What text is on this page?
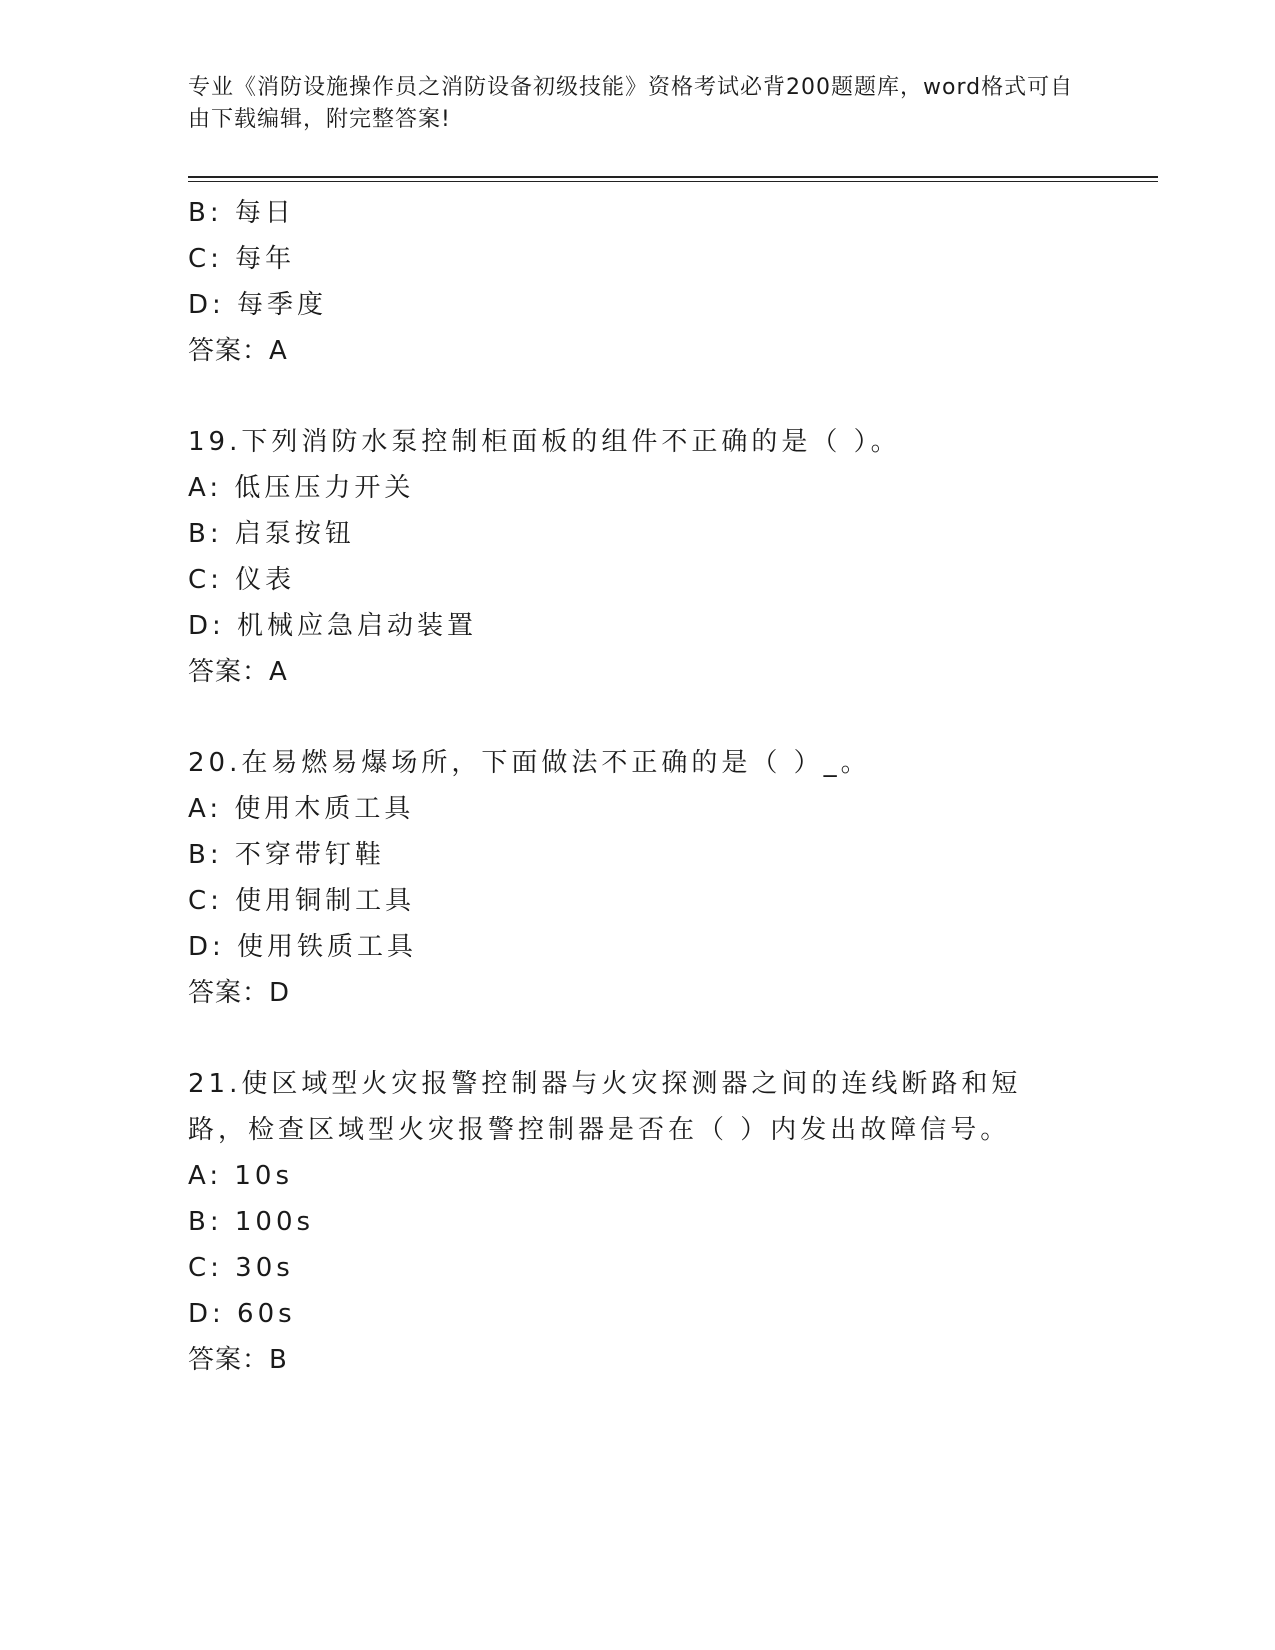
专业《消防设施操作员之消防设备初级技能》资格考试必背200题题库，word格式可自由下载编辑，附完整答案!
B: 每日
C: 每年
D: 每季度
答案：A
19.下列消防水泵控制柜面板的组件不正确的是（ ）。
A: 低压压力开关
B: 启泵按钮
C: 仪表
D: 机械应急启动装置
答案：A
20.在易燃易爆场所，下面做法不正确的是（ ）_。
A: 使用木质工具
B: 不穿带钉鞋
C: 使用铜制工具
D: 使用铁质工具
答案：D
21.使区域型火灾报警控制器与火灾探测器之间的连线断路和短路，检查区域型火灾报警控制器是否在（ ）内发出故障信号。
A: 10s
B: 100s
C: 30s
D: 60s
答案：B
